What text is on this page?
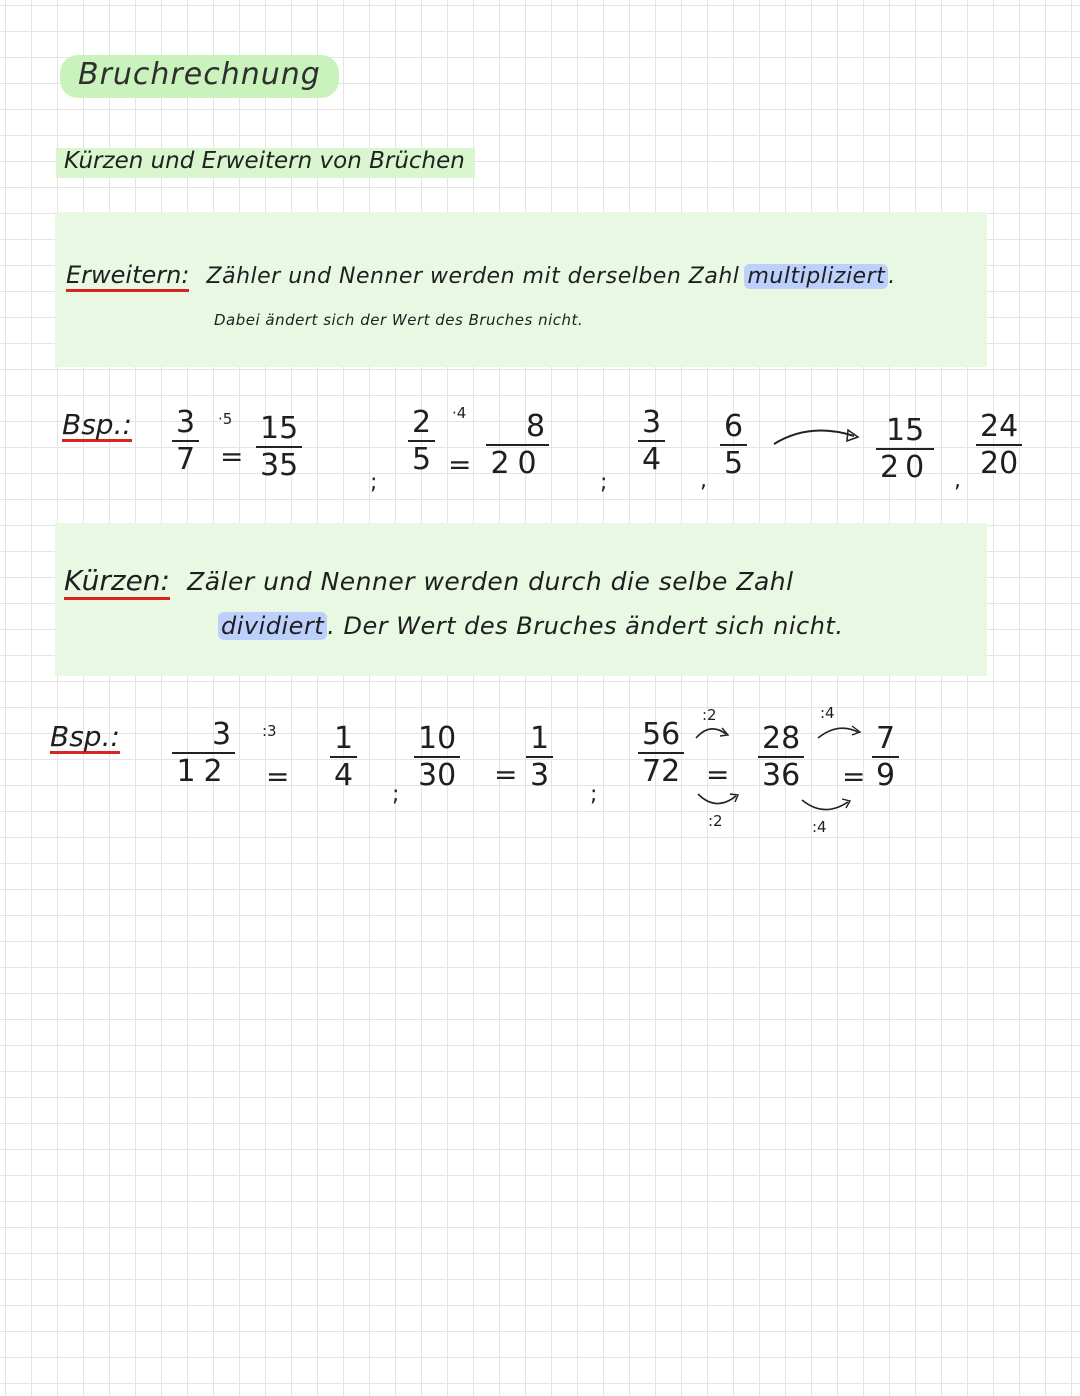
Bruchrechnung
Kürzen und Erweitern von Brüchen
Erweitern: Zähler und Nenner werden mit derselben Zahl multipliziert .
Dabei ändert sich der Wert des Bruches nicht.
Bsp.: $\frac{3}{7} \cdot 5$
= $\frac{15}{35}$
;
$\frac{2}{5} \cdot 4$
= $\frac{8}{20}$
;
$\frac{3}{4}$
,
$\frac{6}{5}$	$\frac{15}{20}$ ,
$\frac{24}{20}$
Kürzen: Zäler und Nenner werden durch die selbe Zahl
dividiert . Der Wert des Bruches ändert sich nicht.
Bsp.: $\frac{3}{12}$ :3
= $\frac{1}{4}$
;
$\frac{10}{30} = \frac{1}{3}$
;
$\frac{56}{72}$
:2
=
:2
$\frac{28}{36}$
:4
=
:4
$\frac{7}{9}$
